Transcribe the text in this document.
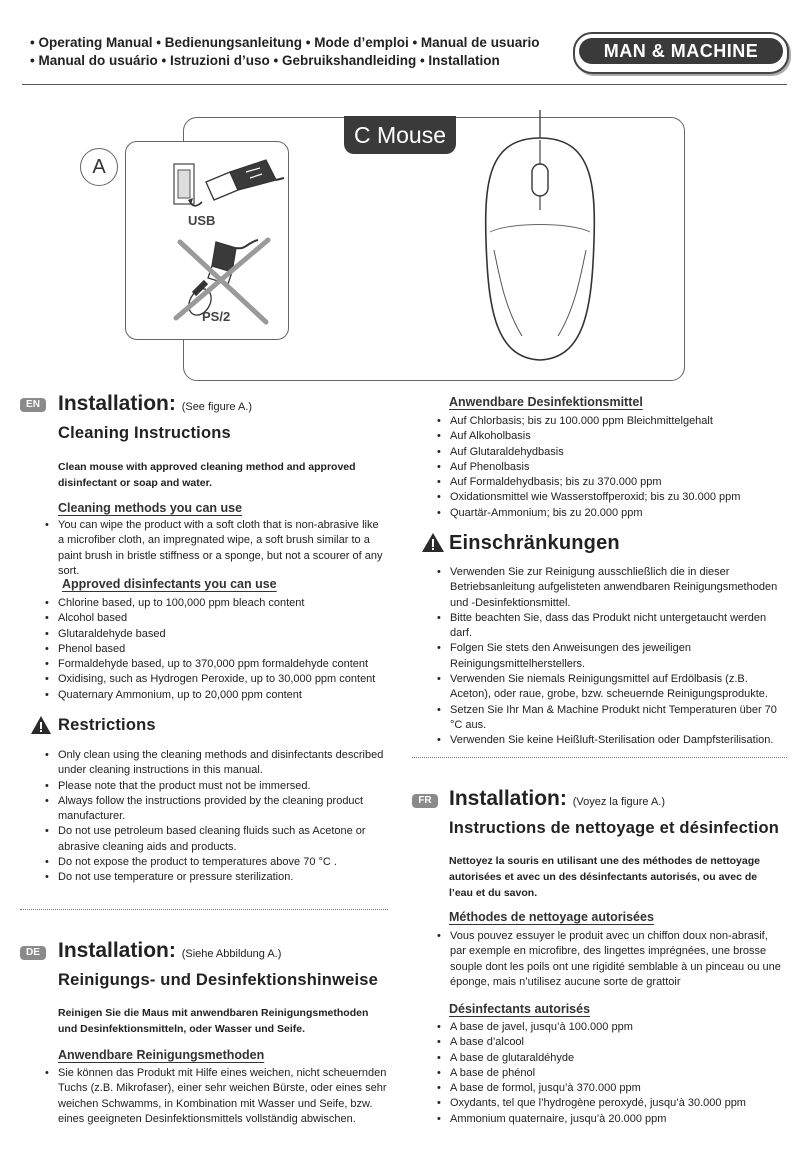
• Operating Manual • Bedienungsanleitung • Mode d’emploi • Manual de usuario
• Manual do usuário • Istruzioni d’uso • Gebruikshandleiding • Installation	MAN & MACHINE
C Mouse
A
USB
PS/2
EN Installation: (See figure A.)
Cleaning Instructions
Clean mouse with approved cleaning method and approved disinfectant or soap and water.
Cleaning methods you can use
• You can wipe the product with a soft cloth that is non-abrasive like a microfiber cloth, an impregnated wipe, a soft brush similar to a paint brush in bristle stiffness or a sponge, but not a scourer of any sort.
Approved disinfectants you can use
• Chlorine based, up to 100,000 ppm bleach content
• Alcohol based
• Glutaraldehyde based
• Phenol based
• Formaldehyde based, up to 370,000 ppm formaldehyde content
• Oxidising, such as Hydrogen Peroxide, up to 30,000 ppm content
• Quaternary Ammonium, up to 20,000 ppm content
Restrictions
• Only clean using the cleaning methods and disinfectants described under cleaning instructions in this manual.
• Please note that the product must not be immersed.
• Always follow the instructions provided by the cleaning product manufacturer.
• Do not use petroleum based cleaning fluids such as Acetone or abrasive cleaning aids and products.
• Do not expose the product to temperatures above 70 °C .
• Do not use temperature or pressure sterilization.
DE Installation: (Siehe Abbildung A.)
Reinigungs- und Desinfektionshinweise
Reinigen Sie die Maus mit anwendbaren Reinigungsmethoden und Desinfektionsmitteln, oder Wasser und Seife.
Anwendbare Reinigungsmethoden
• Sie können das Produkt mit Hilfe eines weichen, nicht scheuernden Tuchs (z.B. Mikrofaser), einer sehr weichen Bürste, oder eines sehr weichen Schwamms, in Kombination mit Wasser und Seife, bzw. eines geeigneten Desinfektionsmittels vollständig abwischen.
Anwendbare Desinfektionsmittel
• Auf Chlorbasis; bis zu 100.000 ppm Bleichmittelgehalt
• Auf Alkoholbasis
• Auf Glutaraldehydbasis
• Auf Phenolbasis
• Auf Formaldehydbasis; bis zu 370.000 ppm
• Oxidationsmittel wie Wasserstoffperoxid; bis zu 30.000 ppm
• Quartär-Ammonium; bis zu 20.000 ppm
Einschränkungen
• Verwenden Sie zur Reinigung ausschließlich die in dieser Betriebsanleitung aufgelisteten anwendbaren Reinigungsmethoden und -Desinfektionsmittel.
• Bitte beachten Sie, dass das Produkt nicht untergetaucht werden darf.
• Folgen Sie stets den Anweisungen des jeweiligen Reinigungsmittelherstellers.
• Verwenden Sie niemals Reinigungsmittel auf Erdölbasis (z.B. Aceton), oder raue, grobe, bzw. scheuernde Reinigungsprodukte.
• Setzen Sie Ihr Man & Machine Produkt nicht Temperaturen über 70 °C aus.
• Verwenden Sie keine Heißluft-Sterilisation oder Dampfsterilisation.
FR Installation: (Voyez la figure A.)
Instructions de nettoyage et désinfection
Nettoyez la souris en utilisant une des méthodes de nettoyage autorisées et avec un des désinfectants autorisés, ou avec de l’eau et du savon.
Méthodes de nettoyage autorisées
• Vous pouvez essuyer le produit avec un chiffon doux non-abrasif, par exemple en microfibre, des lingettes imprégnées, une brosse souple dont les poils ont une rigidité semblable à un pinceau ou une éponge, mais n’utilisez aucune sorte de grattoir
Désinfectants autorisés
• A base de javel, jusqu’à 100.000 ppm
• A base d’alcool
• A base de glutaraldéhyde
• A base de phénol
• A base de formol, jusqu’à 370.000 ppm
• Oxydants, tel que l’hydrogène peroxydé, jusqu’à 30.000 ppm
• Ammonium quaternaire, jusqu’à 20.000 ppm
